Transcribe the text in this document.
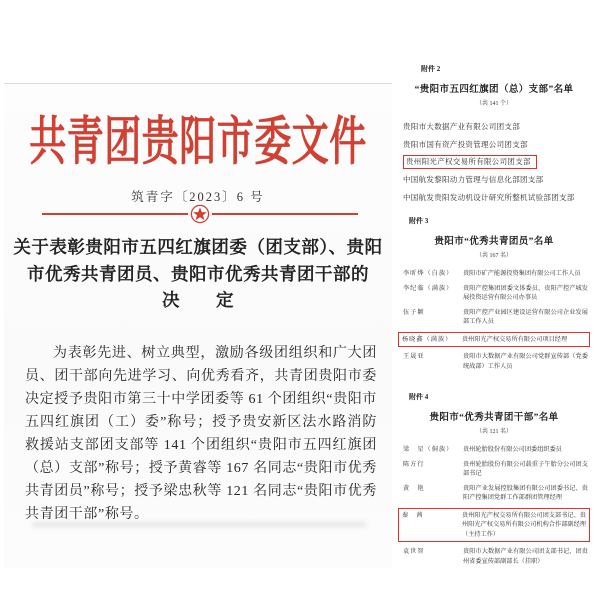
共青团贵阳市委文件
筑青字〔2023〕6 号
关于表彰贵阳市五四红旗团委（团支部）、贵阳
市优秀共青团员、贵阳市优秀共青团干部的
决　　定
为表彰先进、树立典型，激励各级团组织和广大团员、团干部向先进学习、向优秀看齐，共青团贵阳市委决定授予贵阳市第三十中学团委等 61 个团组织“贵阳市五四红旗团（工）委”称号；授予贵安新区法水路消防救援站支部团支部等 141 个团组织“贵阳市五四红旗团（总）支部”称号；授予黄睿等 167 名同志“贵阳市优秀共青团员”称号；授予梁忠秋等 121 名同志“贵阳市优秀共青团干部”称号。
附件 2
“贵阳市五四红旗团（总）支部”名单
（共 141 个）
贵阳市大数据产业有限公司团支部
贵阳市国有资产投资管理公司团支部
贵州阳光产权交易所有限公司团支部
中国航发黎阳动力管理与信息化部团支部
中国航发贵阳发动机设计研究所整机试验部团支部
附件 3
贵阳市“优秀共青团员”名单
（共 167 名）
李昕烨（白族）	贵阳市矿产能源投资集团有限公司工作人员
李纪临（满族）	贵阳产控集团团委文体委员、贵阳产控产城发展投资运营有限公司办事员
伍子颖	贵阳产控产业园区建设运营有限公司企业发展部工作人员
杨晓鑫（满族）	贵州阳光产权交易所有限公司项目经理
王晟亚	贵阳市大数据产业有限公司党群宣传部（党委统战部）工作人员
附件 4
贵阳市“优秀共青团干部”名单
（共 121 名）
梁　星（侗族）	贵州轮胎股份有限公司团委组织委员
陈方行	贵州轮胎股份有限公司载重子午胎分公司团支部书记
黄　艳	贵阳产业发展控股集团有限公司团委书记、贵阳产控集团党群工作部群团管理经理
秦　茜	贵州阳光产权交易所有限公司团支部书记、贵州阳光产权交易所有限公司机构合作部副经理（主持工作）
袁世智	贵阳市大数据产业有限公司团支部书记、团贵州省委宣传部副部长（挂职）
